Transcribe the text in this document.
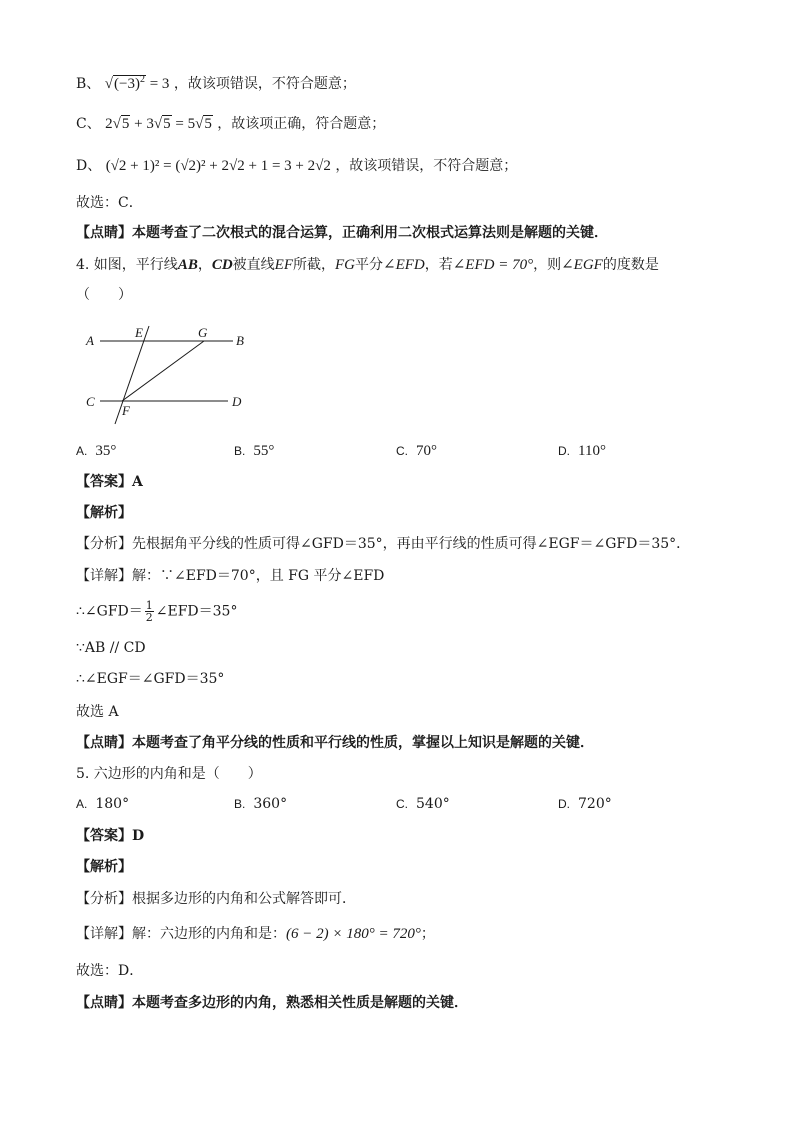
B、 $√(-3)^2 = 3$ ，故该项错误，不符合题意；
C、 2√5 + 3√5 = 5√5 ，故该项正确，符合题意；
D、 (√2 + 1)² = (√2)² + 2√2 + 1 = 3 + 2√2 ，故该项错误，不符合题意；
故选：C．
【点睛】本题考查了二次根式的混合运算，正确利用二次根式运算法则是解题的关键．
4. 如图，平行线AB，CD被直线EF所截，FG平分∠EFD，若∠EFD = 70°，则∠EGF的度数是
（　　）
A	B
C	D
E
F
G
A. 35°	B. 55°	C. 70°	D. 110°
【答案】A
【解析】
【分析】先根据角平分线的性质可得∠GFD＝35°，再由平行线的性质可得∠EGF＝∠GFD＝35°．
【详解】解：∵∠EFD＝70°，且 FG 平分∠EFD
∴∠GFD＝ $\frac{1}{2}$ ∠EFD＝35°
∵AB // CD
∴∠EGF＝∠GFD＝35°
故选 A
【点睛】本题考查了角平分线的性质和平行线的性质，掌握以上知识是解题的关键．
5. 六边形的内角和是（　　）
A. 180°	B. 360°	C. 540°	D. 720°
【答案】D
【解析】
【分析】根据多边形的内角和公式解答即可．
【详解】解：六边形的内角和是：(6 − 2) × 180° = 720°；
故选：D．
【点睛】本题考查多边形的内角，熟悉相关性质是解题的关键．
